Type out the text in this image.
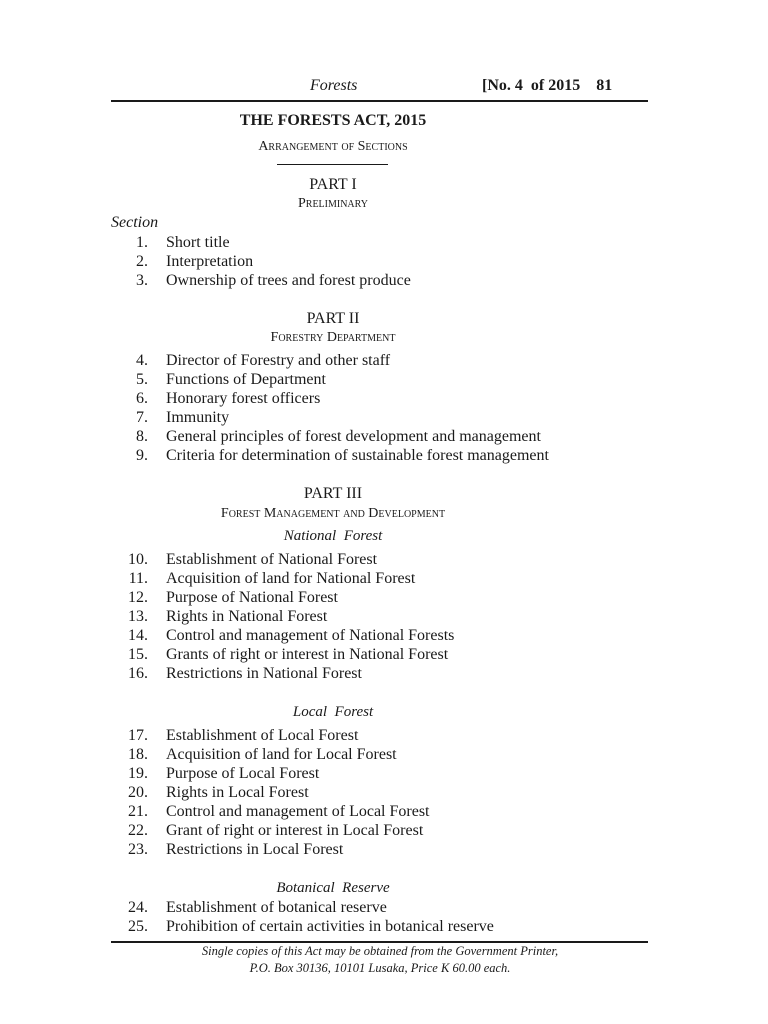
Forests	[No. 4  of 2015    81
THE FORESTS ACT, 2015
Arrangement of Sections
PART I
Preliminary
Section
1. Short title
2. Interpretation
3. Ownership of trees and forest produce
PART II
Forestry Department
4. Director of Forestry and other staff
5. Functions of Department
6. Honorary forest officers
7. Immunity
8. General principles of forest development and management
9. Criteria for determination of sustainable forest management
PART III
Forest Management and Development
National  Forest
10. Establishment of National Forest
11. Acquisition of land for National Forest
12. Purpose of National Forest
13. Rights in National Forest
14. Control and management of National Forests
15. Grants of right or interest in National Forest
16. Restrictions in National Forest
Local  Forest
17. Establishment of Local Forest
18. Acquisition of land for Local Forest
19. Purpose of Local Forest
20. Rights in Local Forest
21. Control and management of Local Forest
22. Grant of right or interest in Local Forest
23. Restrictions in Local Forest
Botanical  Reserve
24. Establishment of botanical reserve
25. Prohibition of certain activities in botanical reserve
Single copies of this Act may be obtained from the Government Printer,
P.O. Box 30136, 10101 Lusaka, Price K 60.00 each.
